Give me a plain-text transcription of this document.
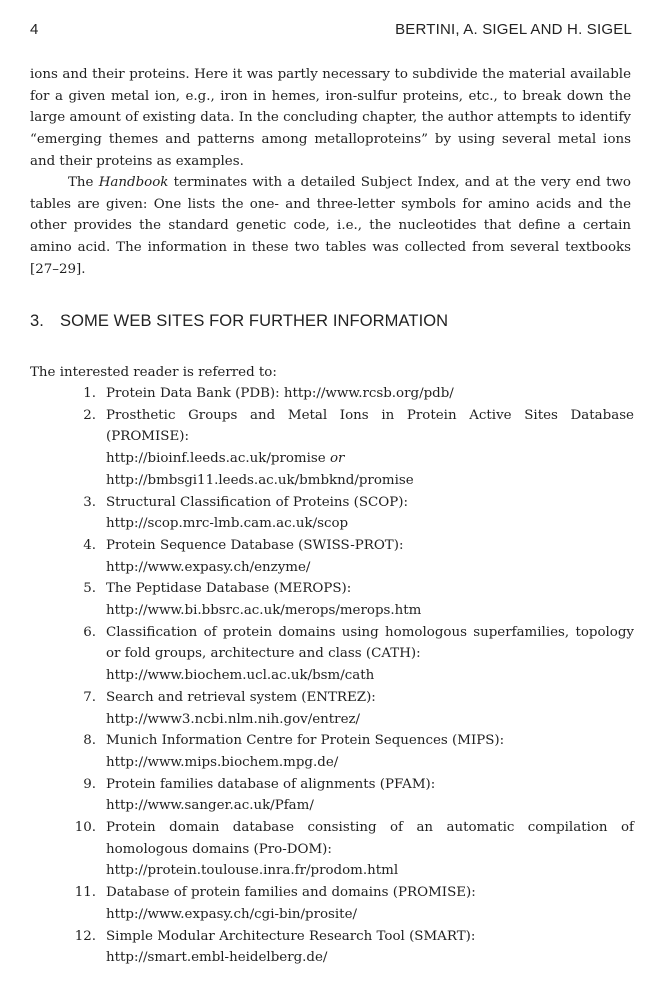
4	BERTINI, A. SIGEL AND H. SIGEL

ions and their proteins. Here it was partly necessary to subdivide the material available for a given metal ion, e.g., iron in hemes, iron-sulfur proteins, etc., to break down the large amount of existing data. In the concluding chapter, the author attempts to identify “emerging themes and patterns among metalloproteins” by using several metal ions and their proteins as examples.

The Handbook terminates with a detailed Subject Index, and at the very end two tables are given: One lists the one- and three-letter symbols for amino acids and the other provides the standard genetic code, i.e., the nucleotides that define a certain amino acid. The information in these two tables was collected from several textbooks [27–29].

3. SOME WEB SITES FOR FURTHER INFORMATION
The interested reader is referred to:
1. Protein Data Bank (PDB): http://www.rcsb.org/pdb/
2. Prosthetic Groups and Metal Ions in Protein Active Sites Database (PROMISE):
http://bioinf.leeds.ac.uk/promise or
http://bmbsgi11.leeds.ac.uk/bmbknd/promise
3. Structural Classification of Proteins (SCOP):
http://scop.mrc-lmb.cam.ac.uk/scop
4. Protein Sequence Database (SWISS-PROT):
http://www.expasy.ch/enzyme/
5. The Peptidase Database (MEROPS):
http://www.bi.bbsrc.ac.uk/merops/merops.htm
6. Classification of protein domains using homologous superfamilies, topology or fold groups, architecture and class (CATH):
http://www.biochem.ucl.ac.uk/bsm/cath
7. Search and retrieval system (ENTREZ):
http://www3.ncbi.nlm.nih.gov/entrez/
8. Munich Information Centre for Protein Sequences (MIPS):
http://www.mips.biochem.mpg.de/
9. Protein families database of alignments (PFAM):
http://www.sanger.ac.uk/Pfam/
10. Protein domain database consisting of an automatic compilation of homologous domains (Pro-DOM):
http://protein.toulouse.inra.fr/prodom.html
11. Database of protein families and domains (PROMISE):
http://www.expasy.ch/cgi-bin/prosite/
12. Simple Modular Architecture Research Tool (SMART):
http://smart.embl-heidelberg.de/
